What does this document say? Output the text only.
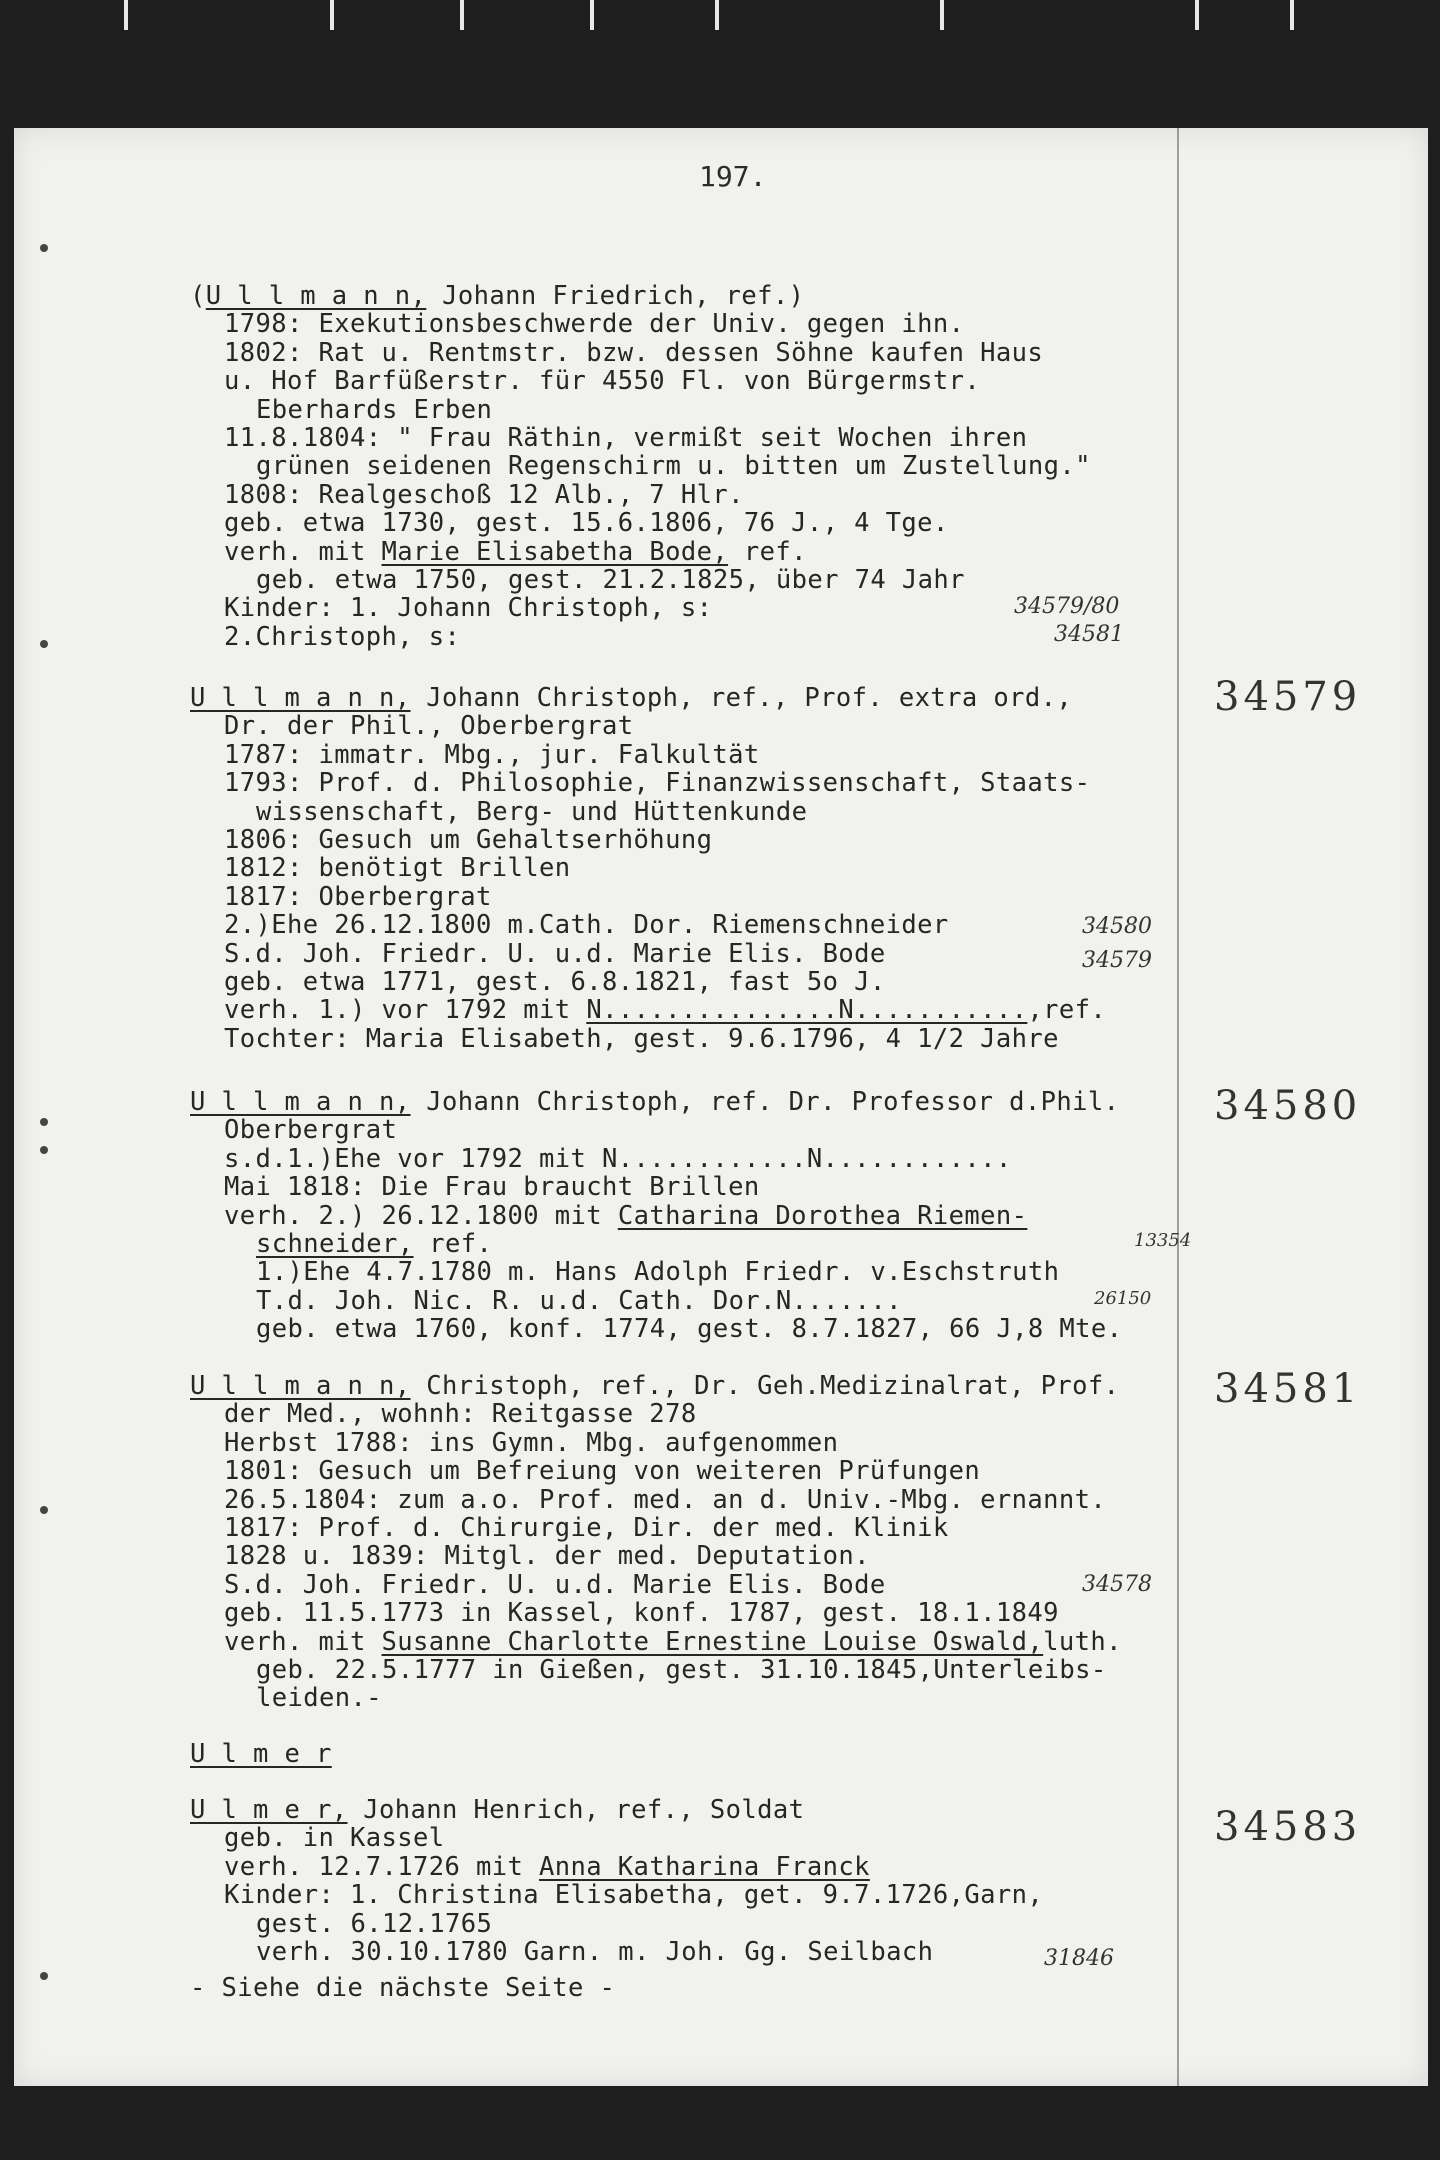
197.
(U l l m a n n, Johann Friedrich, ref.)
1798: Exekutionsbeschwerde der Univ. gegen ihn.
1802: Rat u. Rentmstr. bzw. dessen Söhne kaufen Haus
u. Hof Barfüßerstr. für 4550 Fl. von Bürgermstr.
Eberhards Erben
11.8.1804: " Frau Räthin, vermißt seit Wochen ihren
grünen seidenen Regenschirm u. bitten um Zustellung."
1808: Realgeschoß 12 Alb., 7 Hlr.
geb. etwa 1730, gest. 15.6.1806, 76 J., 4 Tge.
verh. mit Marie Elisabetha Bode, ref.
geb. etwa 1750, gest. 21.2.1825, über 74 Jahr
Kinder: 1. Johann Christoph, s:
2.Christoph, s:
U l l m a n n, Johann Christoph, ref., Prof. extra ord.,
Dr. der Phil., Oberbergrat
1787: immatr. Mbg., jur. Falkultät
1793: Prof. d. Philosophie, Finanzwissenschaft, Staats-
wissenschaft, Berg- und Hüttenkunde
1806: Gesuch um Gehaltserhöhung
1812: benötigt Brillen
1817: Oberbergrat
2.)Ehe 26.12.1800 m.Cath. Dor. Riemenschneider
S.d. Joh. Friedr. U. u.d. Marie Elis. Bode
geb. etwa 1771, gest. 6.8.1821, fast 5o J.
verh. 1.) vor 1792 mit N...............N...........,ref.
Tochter: Maria Elisabeth, gest. 9.6.1796, 4 1/2 Jahre
U l l m a n n, Johann Christoph, ref. Dr. Professor d.Phil.
Oberbergrat
s.d.1.)Ehe vor 1792 mit N............N............
Mai 1818: Die Frau braucht Brillen
verh. 2.) 26.12.1800 mit Catharina Dorothea Riemen-
schneider, ref.
1.)Ehe 4.7.1780 m. Hans Adolph Friedr. v.Eschstruth
T.d. Joh. Nic. R. u.d. Cath. Dor.N.......
geb. etwa 1760, konf. 1774, gest. 8.7.1827, 66 J,8 Mte.
U l l m a n n, Christoph, ref., Dr. Geh.Medizinalrat, Prof.
der Med., wohnh: Reitgasse 278
Herbst 1788: ins Gymn. Mbg. aufgenommen
1801: Gesuch um Befreiung von weiteren Prüfungen
26.5.1804: zum a.o. Prof. med. an d. Univ.-Mbg. ernannt.
1817: Prof. d. Chirurgie, Dir. der med. Klinik
1828 u. 1839: Mitgl. der med. Deputation.
S.d. Joh. Friedr. U. u.d. Marie Elis. Bode
geb. 11.5.1773 in Kassel, konf. 1787, gest. 18.1.1849
verh. mit Susanne Charlotte Ernestine Louise Oswald,luth.
geb. 22.5.1777 in Gießen, gest. 31.10.1845,Unterleibs-
leiden.-
U l m e r
U l m e r, Johann Henrich, ref., Soldat
geb. in Kassel
verh. 12.7.1726 mit Anna Katharina Franck
Kinder: 1. Christina Elisabetha, get. 9.7.1726,Garn,
gest. 6.12.1765
verh. 30.10.1780 Garn. m. Joh. Gg. Seilbach
- Siehe die nächste Seite -
34579
34580
34581
34583
34579/80
34581
34580
34579
13354
26150
34578
31846
